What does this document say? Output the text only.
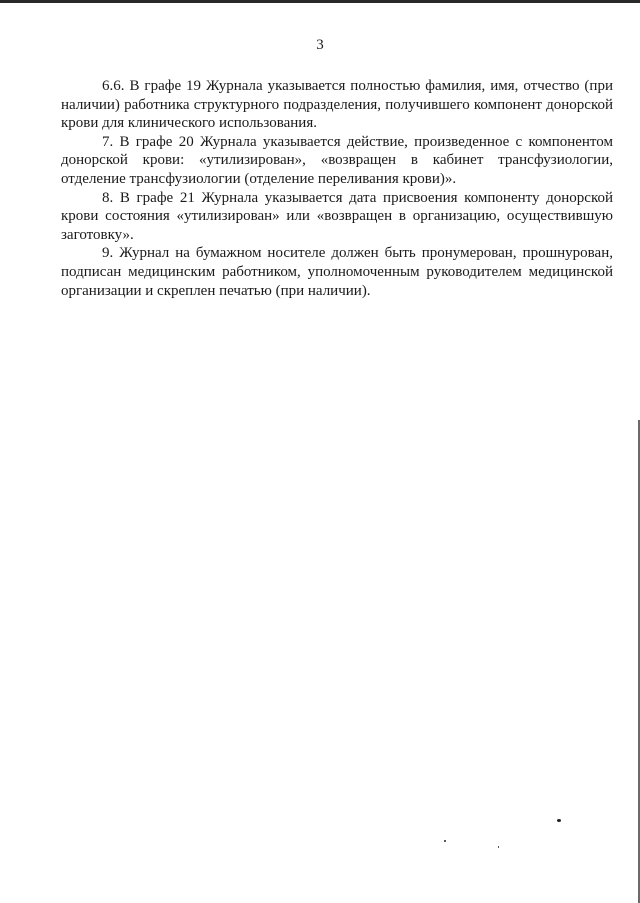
3

6.6. В графе 19 Журнала указывается полностью фамилия, имя, отчество (при наличии) работника структурного подразделения, получившего компонент донорской крови для клинического использования.

7. В графе 20 Журнала указывается действие, произведенное с компонентом донорской крови: «утилизирован», «возвращен в кабинет трансфузиологии, отделение трансфузиологии (отделение переливания крови)».

8. В графе 21 Журнала указывается дата присвоения компоненту донорской крови состояния «утилизирован» или «возвращен в организацию, осуществившую заготовку».

9. Журнал на бумажном носителе должен быть пронумерован, прошнурован, подписан медицинским работником, уполномоченным руководителем медицинской организации и скреплен печатью (при наличии).
